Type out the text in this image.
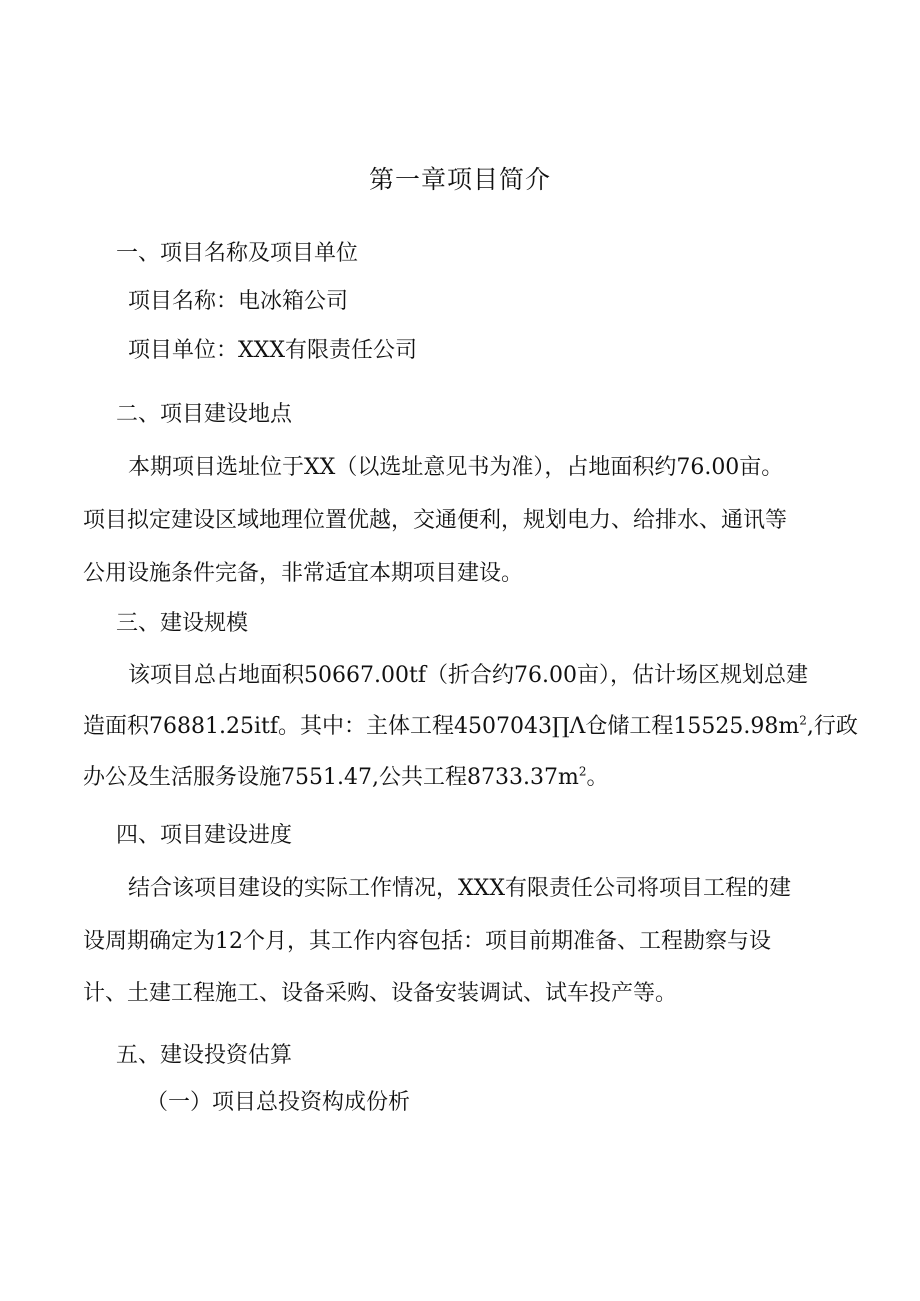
第一章项目简介
一、项目名称及项目单位
项目名称：电冰箱公司
项目单位：XXX有限责任公司
二、项目建设地点
本期项目选址位于XX（以选址意见书为准），占地面积约76.00亩。
项目拟定建设区域地理位置优越，交通便利，规划电力、给排水、通讯等
公用设施条件完备，非常适宜本期项目建设。
三、建设规模
该项目总占地面积50667.00tf（折合约76.00亩），估计场区规划总建
造面积76881.25itf。其中：主体工程4507043∏Λ仓储工程$15525.98m^2$,行政
办公及生活服务设施7551.47,公共工程$8733.37m^2$。
四、项目建设进度
结合该项目建设的实际工作情况，XXX有限责任公司将项目工程的建
设周期确定为12个月，其工作内容包括：项目前期准备、工程勘察与设
计、土建工程施工、设备采购、设备安装调试、试车投产等。
五、建设投资估算
（一）项目总投资构成份析
